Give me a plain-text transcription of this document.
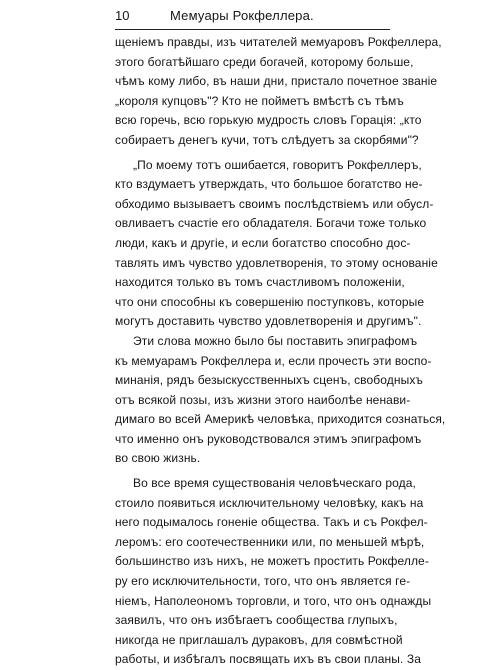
10	Мемуары Рокфеллера.
щеніемъ правды, изъ читателей мемуаровъ Рокфеллера,
этого богатѣйшаго среди богачей, которому больше,
чѣмъ кому либо, въ наши дни, пристало почетное званіе
„короля купцовъ"? Кто не пойметъ вмѣстѣ съ тѣмъ
всю горечь, всю горькую мудрость словъ Горація: „кто
собираетъ денегъ кучи, тотъ слѣдуетъ за скорбями"?
„По моему тотъ ошибается, говоритъ Рокфеллеръ,
кто вздумаетъ утверждать, что большое богатство не-
обходимо вызываетъ своимъ послѣдствіемъ или обусл-
овливаетъ счастіе его обладателя. Богачи тоже только
люди, какъ и другіе, и если богатство способно дос-
тавлять имъ чувство удовлетворенія, то этому основаніе
находится только въ томъ счастливомъ положеніи,
что они способны къ совершенію поступковъ, которые
могутъ доставить чувство удовлетворенія и другимъ".
Эти слова можно было бы поставить эпиграфомъ
къ мемуарамъ Рокфеллера и, если прочесть эти воспо-
минанія, рядъ безыскусственныхъ сценъ, свободныхъ
отъ всякой позы, изъ жизни этого наиболѣе ненави-
димаго во всей Америкѣ человѣка, приходится сознаться,
что именно онъ руководствовался этимъ эпиграфомъ
во свою жизнь.
Во все время существованія человѣческаго рода,
стоило появиться исключительному человѣку, какъ на
него подымалось гоненіе общества. Такъ и съ Рокфел-
леромъ: его соотечественники или, по меньшей мѣрѣ,
большинство изъ нихъ, не можетъ простить Рокфелле-
ру его исключительности, того, что онъ является ге-
ніемъ, Наполеономъ торговли, и того, что онъ однажды
заявилъ, что онъ избѣгаетъ сообщества глупыхъ,
никогда не приглашалъ дураковъ, для совмѣстной
работы, и избѣгалъ посвящать ихъ въ свои планы. За
